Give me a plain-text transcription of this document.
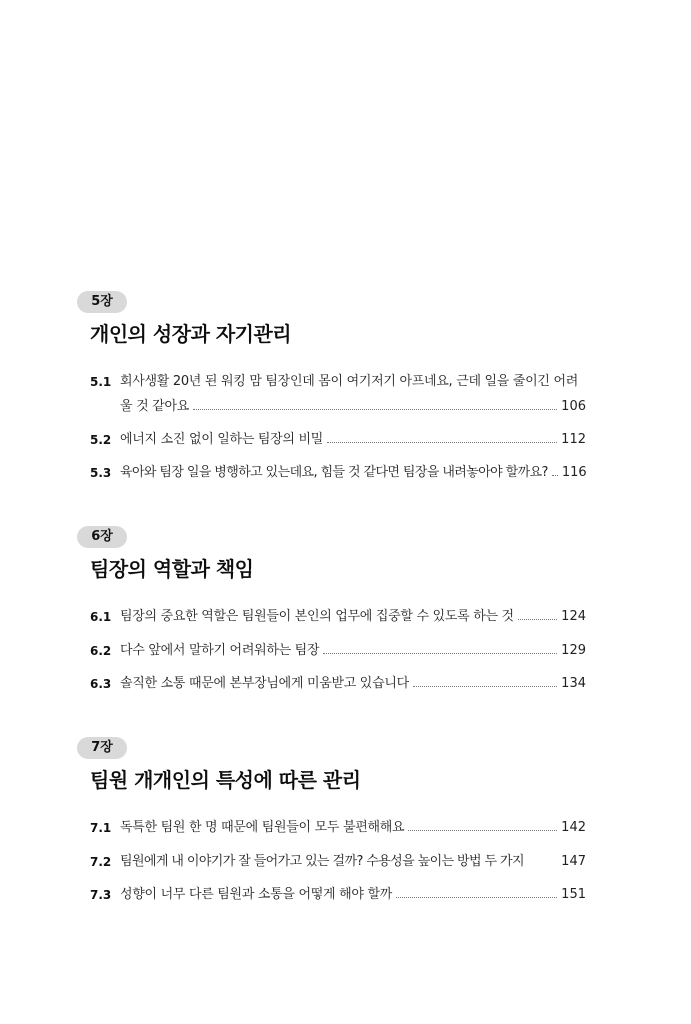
5장
개인의 성장과 자기관리
5.1 회사생활 20년 된 워킹 맘 팀장인데 몸이 여기저기 아프네요, 근데 일을 줄이긴 어려
울 것 같아요	106
5.2 에너지 소진 없이 일하는 팀장의 비밀	112
5.3 육아와 팀장 일을 병행하고 있는데요, 힘들 것 같다면 팀장을 내려놓아야 할까요? 116
6장
팀장의 역할과 책임
6.1 팀장의 중요한 역할은 팀원들이 본인의 업무에 집중할 수 있도록 하는 것	124
6.2 다수 앞에서 말하기 어려워하는 팀장	129
6.3 솔직한 소통 때문에 본부장님에게 미움받고 있습니다	134
7장
팀원 개개인의 특성에 따른 관리
7.1 독특한 팀원 한 명 때문에 팀원들이 모두 불편해해요	142
7.2 팀원에게 내 이야기가 잘 들어가고 있는 걸까? 수용성을 높이는 방법 두 가지	147
7.3 성향이 너무 다른 팀원과 소통을 어떻게 해야 할까	151
